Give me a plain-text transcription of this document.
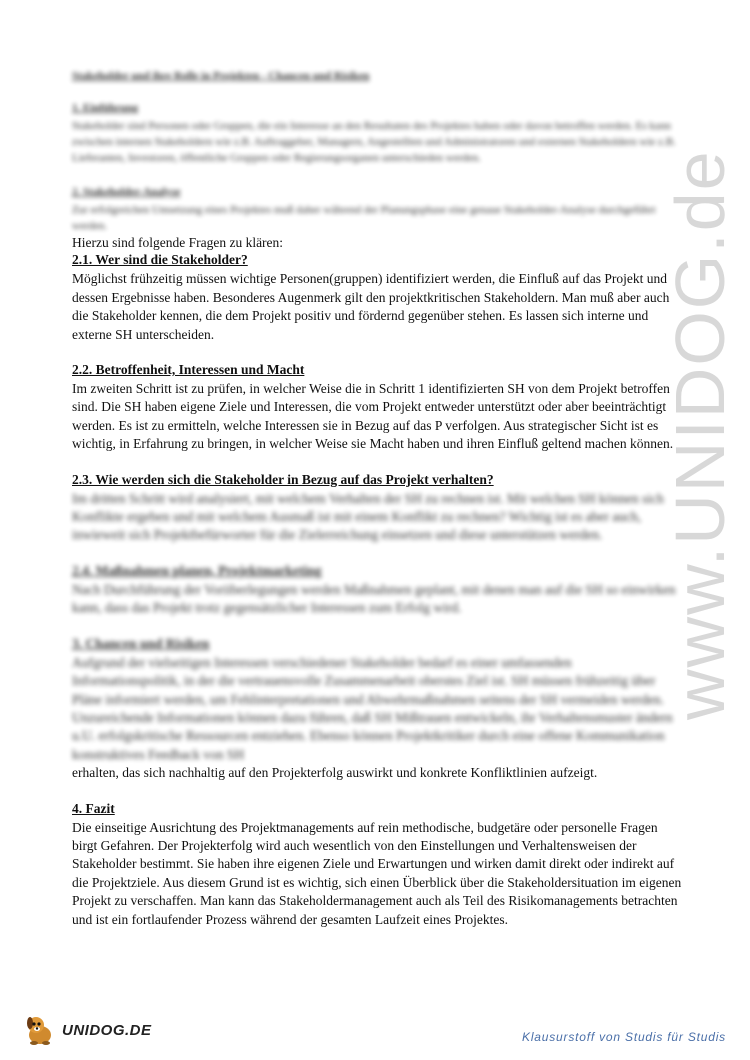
Stakeholder und ihre Rolle in Projekten - Chancen und Risiken
1. Einführung

Stakeholder sind Personen oder Gruppen, die ein Interesse an den Resultaten des Projektes haben oder davon betroffen werden. Es kann zwischen internen Stakeholdern wie z.B. Auftraggeber, Managern, Angestellten und Administratoren und externen Stakeholdern wie z.B. Lieferanten, Investoren, öffentliche Gruppen oder Regierungsorganen unterschieden werden.

2. Stakeholder-Analyse

Zur erfolgreichen Umsetzung eines Projektes muß daher während der Planungsphase eine genaue Stakeholder-Analyse durchgeführt werden.

Hierzu sind folgende Fragen zu klären:

2.1. Wer sind die Stakeholder?

Möglichst frühzeitig müssen wichtige Personen(gruppen) identifiziert werden, die Einfluß auf das Projekt und dessen Ergebnisse haben. Besonderes Augenmerk gilt den projektkritischen Stakeholdern. Man muß aber auch die Stakeholder kennen, die dem Projekt positiv und fördernd gegenüber stehen. Es lassen sich interne und externe SH unterscheiden.

2.2. Betroffenheit, Interessen und Macht

Im zweiten Schritt ist zu prüfen, in welcher Weise die in Schritt 1 identifizierten SH von dem Projekt betroffen sind. Die SH haben eigene Ziele und Interessen, die vom Projekt entweder unterstützt oder aber beeinträchtigt werden. Es ist zu ermitteln, welche Interessen sie in Bezug auf das P verfolgen. Aus strategischer Sicht ist es wichtig, in Erfahrung zu bringen, in welcher Weise sie Macht haben und ihren Einfluß geltend machen können.

2.3. Wie werden sich die Stakeholder in Bezug auf das Projekt verhalten?

Im dritten Schritt wird analysiert, mit welchem Verhalten der SH zu rechnen ist. Mit welchen SH können sich Konflikte ergeben und mit welchem Ausmaß ist mit einem Konflikt zu rechnen? Wichtig ist es aber auch, inwieweit sich Projektbefürworter für die Zielerreichung einsetzen und diese unterstützen werden.

2.4. Maßnahmen planen, Projektmarketing

Nach Durchführung der Voriiberlegungen werden Maßnahmen geplant, mit denen man auf die SH so einwirken kann, dass das Projekt trotz gegensätzlicher Interessen zum Erfolg wird.

3. Chancen und Risiken

Aufgrund der vielseitigen Interessen verschiedener Stakeholder bedarf es einer umfassenden Informationspolitik, in der die vertrauensvolle Zusammenarbeit oberstes Ziel ist. SH müssen frühzeitig über Pläne informiert werden, um Fehlinterpretationen und Abwehrmaßnahmen seitens der SH vermeiden werden. Unzureichende Informationen können dazu führen, daß SH Mißtrauen entwickeln, ihr Verhaltensmuster ändern u.U. erfolgskritische Ressourcen entziehen. Ebenso können Projektkritiker durch eine offene Kommunikation konstruktives Feedback von SH

erhalten, das sich nachhaltig auf den Projekterfolg auswirkt und konkrete Konfliktlinien aufzeigt.

4. Fazit

Die einseitige Ausrichtung des Projektmanagements auf rein methodische, budgetäre oder personelle Fragen birgt Gefahren. Der Projekterfolg wird auch wesentlich von den Einstellungen und Verhaltensweisen der Stakeholder bestimmt. Sie haben ihre eigenen Ziele und Erwartungen und wirken damit direkt oder indirekt auf die Projektziele. Aus diesem Grund ist es wichtig, sich einen Überblick über die Stakeholdersituation im eigenen Projekt zu verschaffen. Man kann das Stakeholdermanagement auch als Teil des Risikomanagements betrachten und ist ein fortlaufender Prozess während der gesamten Laufzeit eines Projektes.

www.UNIDOG.de
UNIDOG.DE	Klausurstoff von Studis für Studis
